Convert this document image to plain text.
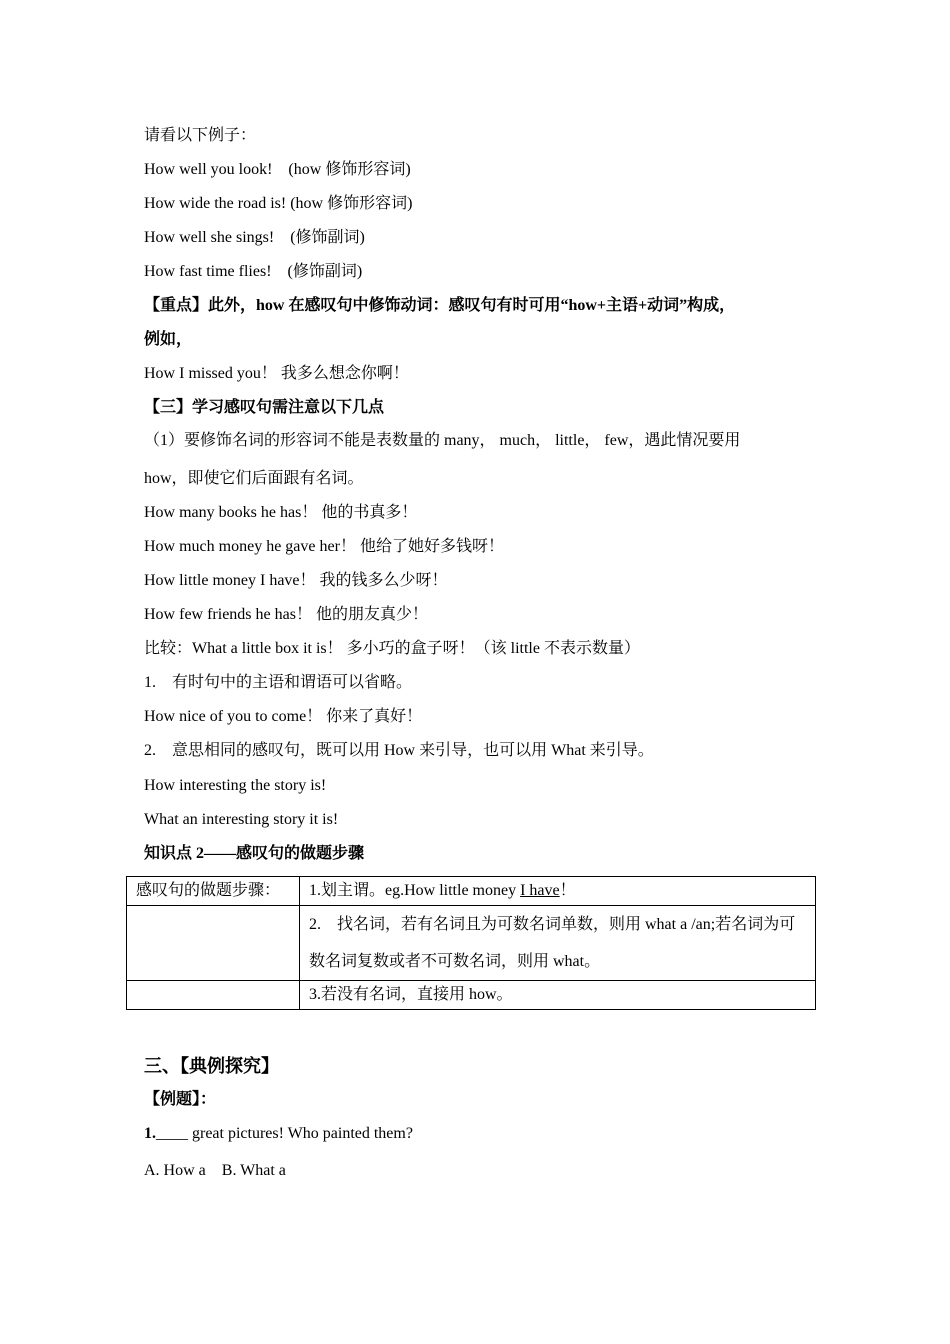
请看以下例子：
How well you look!　(how 修饰形容词)
How wide the road is! (how 修饰形容词)
How well she sings!　(修饰副词)
How fast time flies!　(修饰副词)
【重点】此外，how 在感叹句中修饰动词：感叹句有时可用“how+主语+动词”构成，
例如，
How I missed you！ 我多么想念你啊！
【三】学习感叹句需注意以下几点
（1）要修饰名词的形容词不能是表数量的 many， much， little， few，遇此情况要用
how，即使它们后面跟有名词。
How many books he has！ 他的书真多！
How much money he gave her！ 他给了她好多钱呀！
How little money I have！ 我的钱多么少呀！
How few friends he has！ 他的朋友真少！
比较：What a little box it is！ 多小巧的盒子呀！（该 little 不表示数量）
1.　有时句中的主语和谓语可以省略。
How nice of you to come！ 你来了真好！
2.　意思相同的感叹句，既可以用 How 来引导，也可以用 What 来引导。
How interesting the story is!
What an interesting story it is!
知识点 2——感叹句的做题步骤
感叹句的做题步骤：	1.划主谓。eg.How little money I have！
	2.　找名词，若有名词且为可数名词单数，则用 what a /an;若名词为可数名词复数或者不可数名词，则用 what。
	3.若没有名词，直接用 how。
三、【典例探究】
【例题】：
1.____ great pictures! Who painted them?
A. How a　B. What a
